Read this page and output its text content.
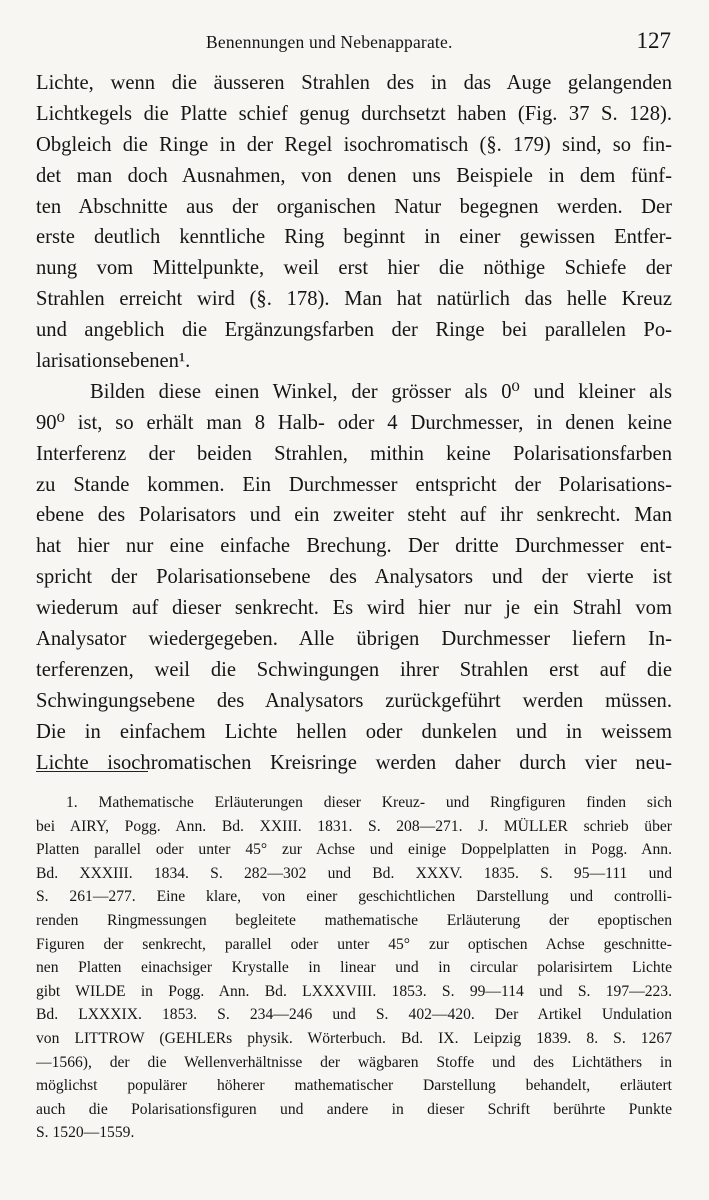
Benennungen und Nebenapparate.	127
Lichte, wenn die äusseren Strahlen des in das Auge gelangenden
Lichtkegels die Platte schief genug durchsetzt haben (Fig. 37 S. 128).
Obgleich die Ringe in der Regel isochromatisch (§. 179) sind, so fin-
det man doch Ausnahmen, von denen uns Beispiele in dem fünf-
ten Abschnitte aus der organischen Natur begegnen werden. Der
erste deutlich kenntliche Ring beginnt in einer gewissen Entfer-
nung vom Mittelpunkte, weil erst hier die nöthige Schiefe der
Strahlen erreicht wird (§. 178). Man hat natürlich das helle Kreuz
und angeblich die Ergänzungsfarben der Ringe bei parallelen Po-
larisationsebenen¹.
Bilden diese einen Winkel, der grösser als 0⁰ und kleiner als
90⁰ ist, so erhält man 8 Halb- oder 4 Durchmesser, in denen keine
Interferenz der beiden Strahlen, mithin keine Polarisationsfarben
zu Stande kommen. Ein Durchmesser entspricht der Polarisations-
ebene des Polarisators und ein zweiter steht auf ihr senkrecht. Man
hat hier nur eine einfache Brechung. Der dritte Durchmesser ent-
spricht der Polarisationsebene des Analysators und der vierte ist
wiederum auf dieser senkrecht. Es wird hier nur je ein Strahl vom
Analysator wiedergegeben. Alle übrigen Durchmesser liefern In-
terferenzen, weil die Schwingungen ihrer Strahlen erst auf die
Schwingungsebene des Analysators zurückgeführt werden müssen.
Die in einfachem Lichte hellen oder dunkelen und in weissem
Lichte isochromatischen Kreisringe werden daher durch vier neu-
1. Mathematische Erläuterungen dieser Kreuz- und Ringfiguren finden sich
bei AIRY, Pogg. Ann. Bd. XXIII. 1831. S. 208—271. J. MÜLLER schrieb über
Platten parallel oder unter 45° zur Achse und einige Doppelplatten in Pogg. Ann.
Bd. XXXIII. 1834. S. 282—302 und Bd. XXXV. 1835. S. 95—111 und
S. 261—277. Eine klare, von einer geschichtlichen Darstellung und controlli-
renden Ringmessungen begleitete mathematische Erläuterung der epoptischen
Figuren der senkrecht, parallel oder unter 45° zur optischen Achse geschnitte-
nen Platten einachsiger Krystalle in linear und in circular polarisirtem Lichte
gibt WILDE in Pogg. Ann. Bd. LXXXVIII. 1853. S. 99—114 und S. 197—223.
Bd. LXXXIX. 1853. S. 234—246 und S. 402—420. Der Artikel Undulation
von LITTROW (GEHLERs physik. Wörterbuch. Bd. IX. Leipzig 1839. 8. S. 1267
—1566), der die Wellenverhältnisse der wägbaren Stoffe und des Lichtäthers in
möglichst populärer höherer mathematischer Darstellung behandelt, erläutert
auch die Polarisationsfiguren und andere in dieser Schrift berührte Punkte
S. 1520—1559.
